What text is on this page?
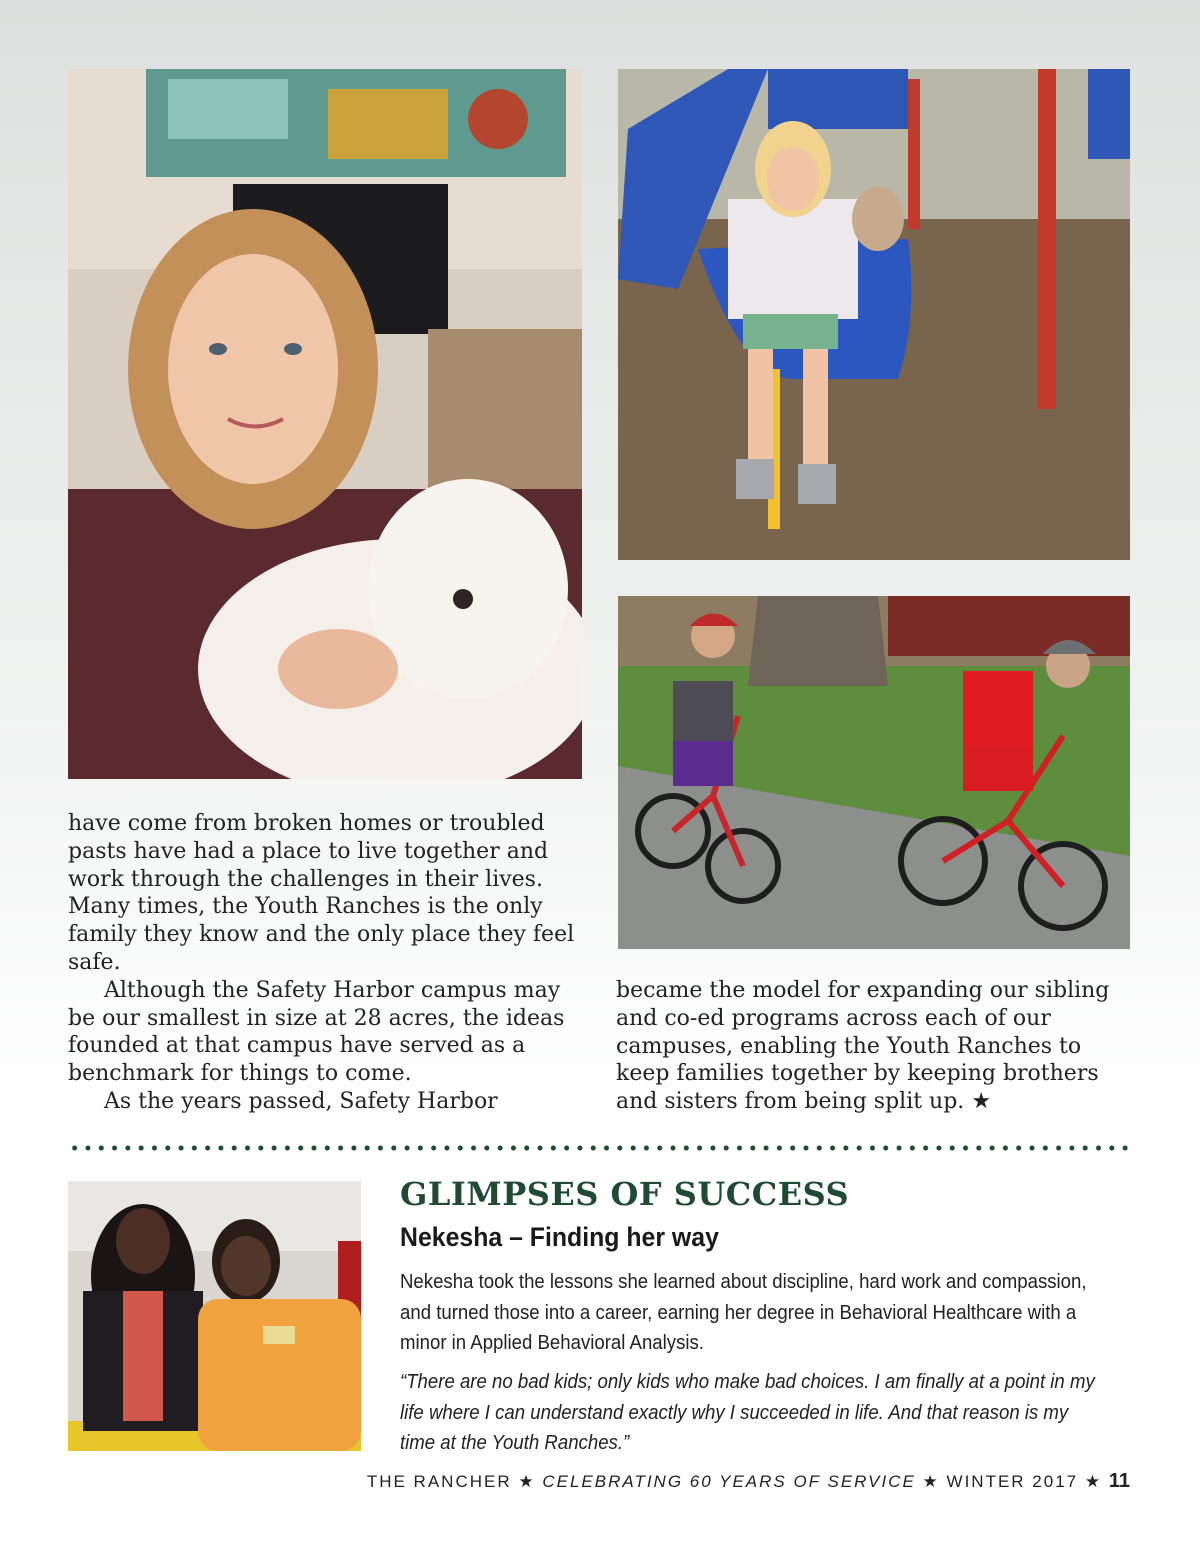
have come from broken homes or troubled pasts have had a place to live together and work through the challenges in their lives. Many times, the Youth Ranches is the only family they know and the only place they feel safe.

Although the Safety Harbor campus may be our smallest in size at 28 acres, the ideas founded at that campus have served as a benchmark for things to come.

As the years passed, Safety Harbor

became the model for expanding our sibling and co-ed programs across each of our campuses, enabling the Youth Ranches to keep families together by keeping brothers and sisters from being split up. ★

GLIMPSES OF SUCCESS
Nekesha – Finding her way

Nekesha took the lessons she learned about discipline, hard work and compassion, and turned those into a career, earning her degree in Behavioral Healthcare with a minor in Applied Behavioral Analysis.

“There are no bad kids; only kids who make bad choices. I am finally at a point in my life where I can understand exactly why I succeeded in life. And that reason is my time at the Youth Ranches.”

THE RANCHER ★ CELEBRATING 60 YEARS OF SERVICE ★ WINTER 2017 ★ 11
